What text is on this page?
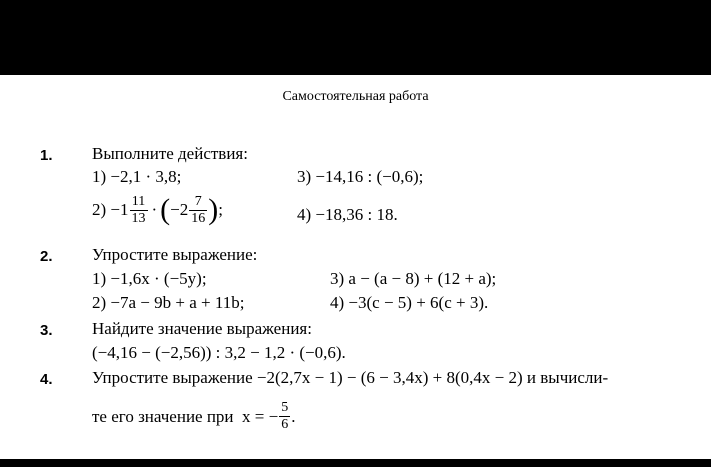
Самостоятельная работа
1. Выполните действия:
1) −2,1 · 3,8;	3) −14,16 : (−0,6);
$2) -1 \frac{11}{13}$ · ( $-2 \frac{7}{16}$ ) ;	4) −18,36 : 18.
2. Упростите выражение:
1) −1,6x · (−5y);	3) a − (a − 8) + (12 + a);
2) −7a − 9b + a + 11b;	4) −3(c − 5) + 6(c + 3).
3. Найдите значение выражения:
(−4,16 − (−2,56)) : 3,2 − 1,2 · (−0,6).
4. Упростите выражение −2(2,7x − 1) − (6 − 3,4x) + 8(0,4x − 2) и вычисли-
те его значение при  x = − $\frac{5}{6}$ .
